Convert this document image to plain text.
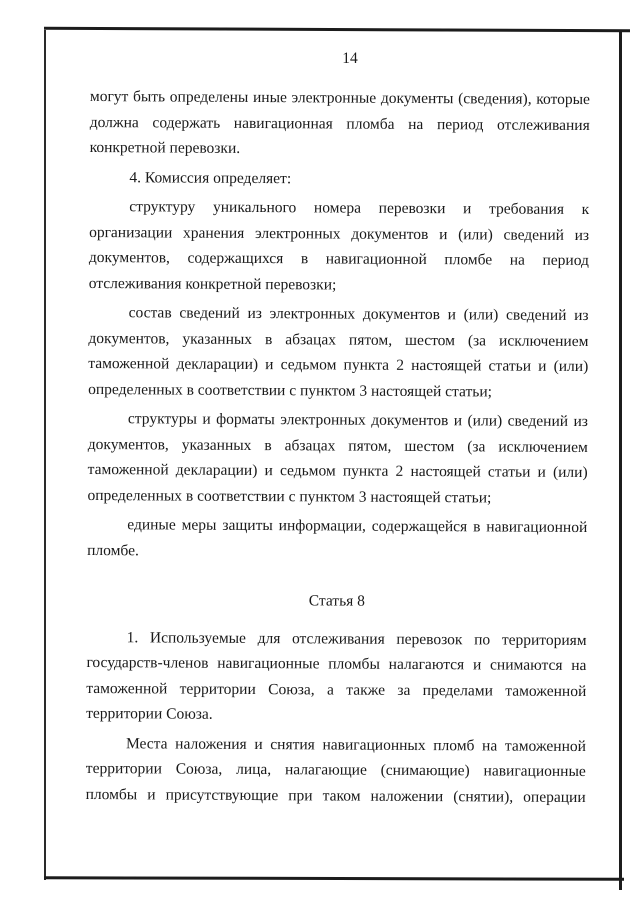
14

могут быть определены иные электронные документы (сведения), которые должна содержать навигационная пломба на период отслеживания конкретной перевозки.

4. Комиссия определяет:

структуру уникального номера перевозки и требования к организации хранения электронных документов и (или) сведений из документов, содержащихся в навигационной пломбе на период отслеживания конкретной перевозки;

состав сведений из электронных документов и (или) сведений из документов, указанных в абзацах пятом, шестом (за исключением таможенной декларации) и седьмом пункта 2 настоящей статьи и (или) определенных в соответствии с пунктом 3 настоящей статьи;

структуры и форматы электронных документов и (или) сведений из документов, указанных в абзацах пятом, шестом (за исключением таможенной декларации) и седьмом пункта 2 настоящей статьи и (или) определенных в соответствии с пунктом 3 настоящей статьи;

единые меры защиты информации, содержащейся в навигационной пломбе.

Статья 8

1. Используемые для отслеживания перевозок по территориям государств-членов навигационные пломбы налагаются и снимаются на таможенной территории Союза, а также за пределами таможенной территории Союза.

Места наложения и снятия навигационных пломб на таможенной территории Союза, лица, налагающие (снимающие) навигационные пломбы и присутствующие при таком наложении (снятии), операции
